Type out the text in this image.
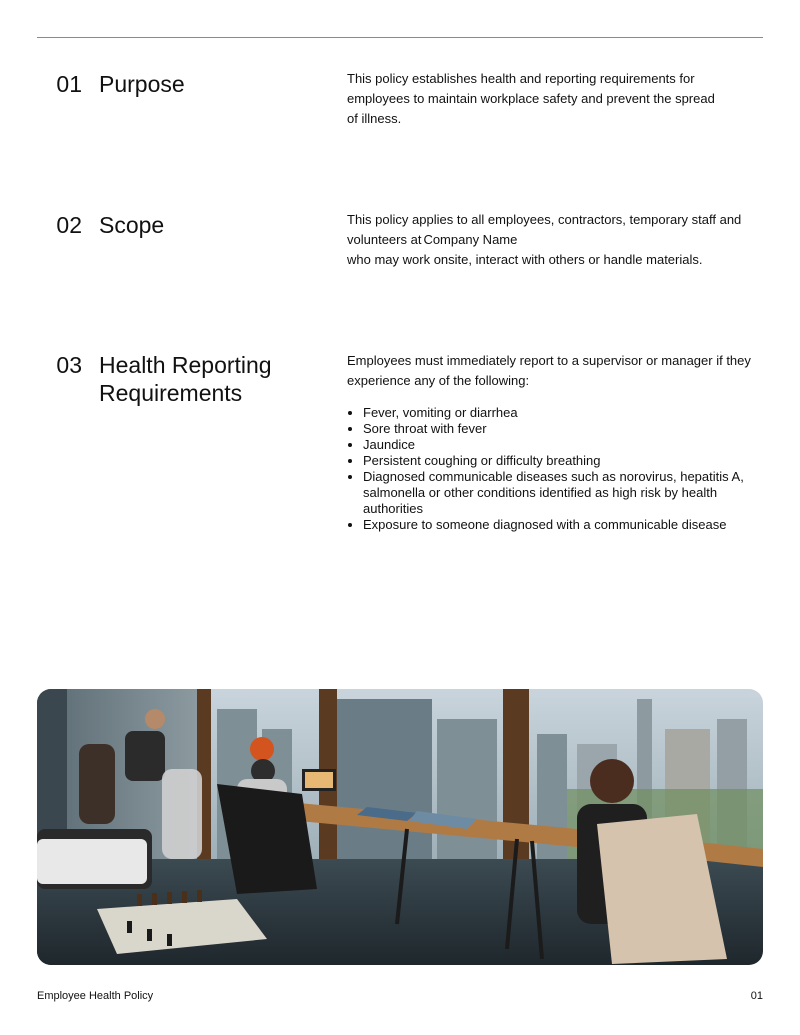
01 Purpose	This policy establishes health and reporting requirements for

employees to maintain workplace safety and prevent the spread

of illness.

02 Scope	This policy applies to all employees, contractors, temporary staff and

volunteers at Company Name

who may work onsite, interact with others or handle materials.

03 Health Reporting
Requirements

Employees must immediately report to a supervisor or manager if they

experience any of the following:

• Fever, vomiting or diarrhea
• Sore throat with fever
• Jaundice
• Persistent coughing or difficulty breathing
• Diagnosed communicable diseases such as norovirus, hepatitis A, salmonella or other conditions identified as high risk by health authorities
• Exposure to someone diagnosed with a communicable disease
Employee Health Policy	01
